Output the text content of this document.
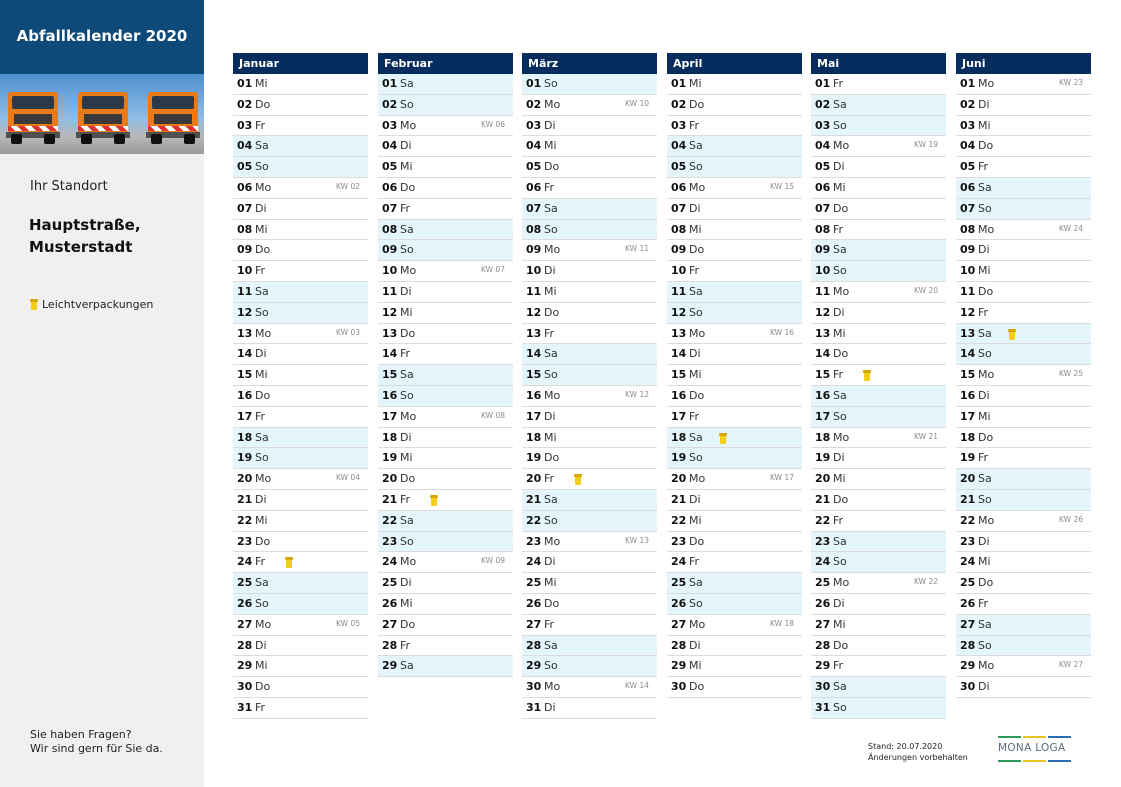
Abfallkalender 2020
Ihr Standort
Hauptstraße,
Musterstadt
Leichtverpackungen
Sie haben Fragen?
Wir sind gern für Sie da.
Januar
01 Mi
02 Do
03 Fr
04 Sa
05 So
06 Mo	KW 02
07 Di
08 Mi
09 Do
10 Fr
11 Sa
12 So
13 Mo	KW 03
14 Di
15 Mi
16 Do
17 Fr
18 Sa
19 So
20 Mo	KW 04
21 Di
22 Mi
23 Do
24 Fr
25 Sa
26 So
27 Mo	KW 05
28 Di
29 Mi
30 Do
31 Fr
Februar
01 Sa
02 So
03 Mo	KW 06
04 Di
05 Mi
06 Do
07 Fr
08 Sa
09 So
10 Mo	KW 07
11 Di
12 Mi
13 Do
14 Fr
15 Sa
16 So
17 Mo	KW 08
18 Di
19 Mi
20 Do
21 Fr
22 Sa
23 So
24 Mo	KW 09
25 Di
26 Mi
27 Do
28 Fr
29 Sa
März
01 So
02 Mo	KW 10
03 Di
04 Mi
05 Do
06 Fr
07 Sa
08 So
09 Mo	KW 11
10 Di
11 Mi
12 Do
13 Fr
14 Sa
15 So
16 Mo	KW 12
17 Di
18 Mi
19 Do
20 Fr
21 Sa
22 So
23 Mo	KW 13
24 Di
25 Mi
26 Do
27 Fr
28 Sa
29 So
30 Mo	KW 14
31 Di
April
01 Mi
02 Do
03 Fr
04 Sa
05 So
06 Mo	KW 15
07 Di
08 Mi
09 Do
10 Fr
11 Sa
12 So
13 Mo	KW 16
14 Di
15 Mi
16 Do
17 Fr
18 Sa
19 So
20 Mo	KW 17
21 Di
22 Mi
23 Do
24 Fr
25 Sa
26 So
27 Mo	KW 18
28 Di
29 Mi
30 Do
Mai
01 Fr
02 Sa
03 So
04 Mo	KW 19
05 Di
06 Mi
07 Do
08 Fr
09 Sa
10 So
11 Mo	KW 20
12 Di
13 Mi
14 Do
15 Fr
16 Sa
17 So
18 Mo	KW 21
19 Di
20 Mi
21 Do
22 Fr
23 Sa
24 So
25 Mo	KW 22
26 Di
27 Mi
28 Do
29 Fr
30 Sa
31 So
Juni
01 Mo	KW 23
02 Di
03 Mi
04 Do
05 Fr
06 Sa
07 So
08 Mo	KW 24
09 Di
10 Mi
11 Do
12 Fr
13 Sa
14 So
15 Mo	KW 25
16 Di
17 Mi
18 Do
19 Fr
20 Sa
21 So
22 Mo	KW 26
23 Di
24 Mi
25 Do
26 Fr
27 Sa
28 So
29 Mo	KW 27
30 Di
Stand: 20.07.2020
Änderungen vorbehalten
MONA LOGA
